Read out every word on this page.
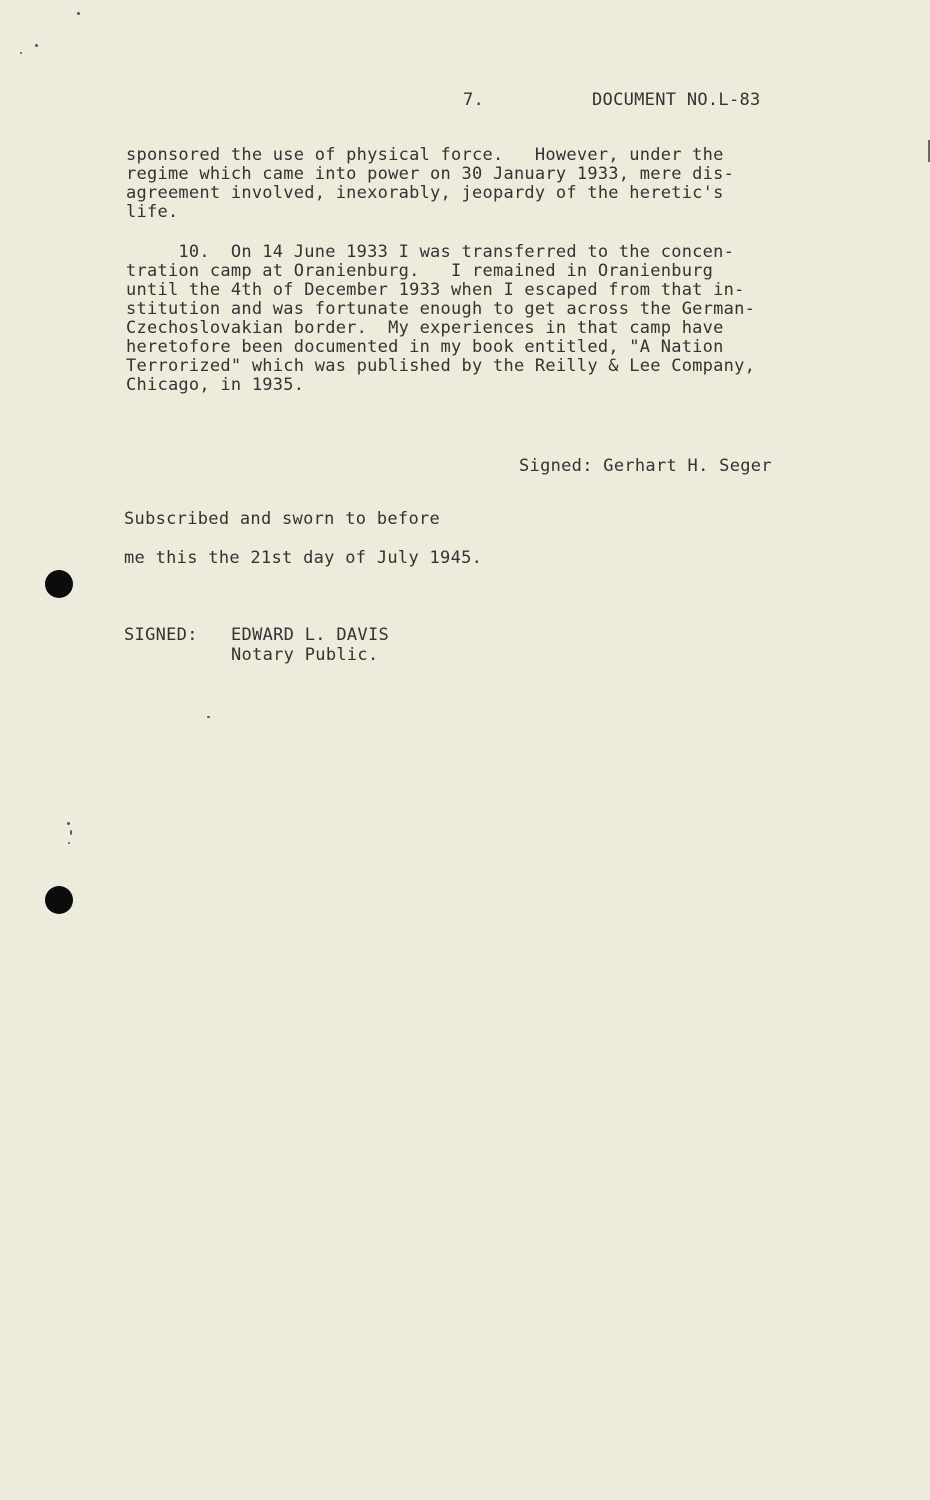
7.	DOCUMENT NO.L-83
sponsored the use of physical force.   However, under the
regime which came into power on 30 January 1933, mere dis-
agreement involved, inexorably, jeopardy of the heretic's
life.
10.  On 14 June 1933 I was transferred to the concen-
tration camp at Oranienburg.   I remained in Oranienburg
until the 4th of December 1933 when I escaped from that in-
stitution and was fortunate enough to get across the German-
Czechoslovakian border.  My experiences in that camp have
heretofore been documented in my book entitled, "A Nation
Terrorized" which was published by the Reilly & Lee Company,
Chicago, in 1935.
Signed: Gerhart H. Seger
Subscribed and sworn to before
me this the 21st day of July 1945.
SIGNED: EDWARD L. DAVIS
Notary Public.
